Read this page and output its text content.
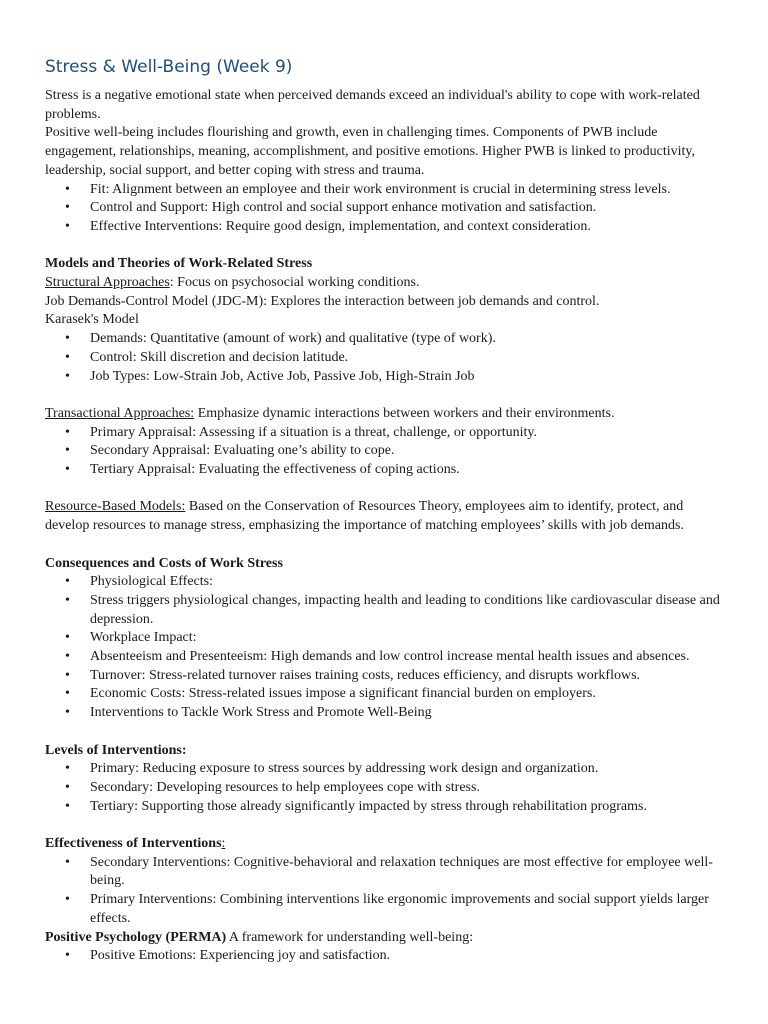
Stress & Well-Being (Week 9)

Stress is a negative emotional state when perceived demands exceed an individual's ability to cope with work-related problems.

Positive well-being includes flourishing and growth, even in challenging times. Components of PWB include engagement, relationships, meaning, accomplishment, and positive emotions. Higher PWB is linked to productivity, leadership, social support, and better coping with stress and trauma.

• Fit: Alignment between an employee and their work environment is crucial in determining stress levels.
• Control and Support: High control and social support enhance motivation and satisfaction.
• Effective Interventions: Require good design, implementation, and context consideration.

Models and Theories of Work-Related Stress

Structural Approaches: Focus on psychosocial working conditions.

Job Demands-Control Model (JDC-M): Explores the interaction between job demands and control.

Karasek's Model

• Demands: Quantitative (amount of work) and qualitative (type of work).
• Control: Skill discretion and decision latitude.
• Job Types: Low-Strain Job, Active Job, Passive Job, High-Strain Job

Transactional Approaches: Emphasize dynamic interactions between workers and their environments.

• Primary Appraisal: Assessing if a situation is a threat, challenge, or opportunity.
• Secondary Appraisal: Evaluating one’s ability to cope.
• Tertiary Appraisal: Evaluating the effectiveness of coping actions.

Resource-Based Models: Based on the Conservation of Resources Theory, employees aim to identify, protect, and develop resources to manage stress, emphasizing the importance of matching employees’ skills with job demands.

Consequences and Costs of Work Stress

• Physiological Effects:
• Stress triggers physiological changes, impacting health and leading to conditions like cardiovascular disease and depression.
• Workplace Impact:
• Absenteeism and Presenteeism: High demands and low control increase mental health issues and absences.
• Turnover: Stress-related turnover raises training costs, reduces efficiency, and disrupts workflows.
• Economic Costs: Stress-related issues impose a significant financial burden on employers.
• Interventions to Tackle Work Stress and Promote Well-Being

Levels of Interventions:

• Primary: Reducing exposure to stress sources by addressing work design and organization.
• Secondary: Developing resources to help employees cope with stress.
• Tertiary: Supporting those already significantly impacted by stress through rehabilitation programs.

Effectiveness of Interventions:

• Secondary Interventions: Cognitive-behavioral and relaxation techniques are most effective for employee well-being.
• Primary Interventions: Combining interventions like ergonomic improvements and social support yields larger effects.

Positive Psychology (PERMA) A framework for understanding well-being:

• Positive Emotions: Experiencing joy and satisfaction.
